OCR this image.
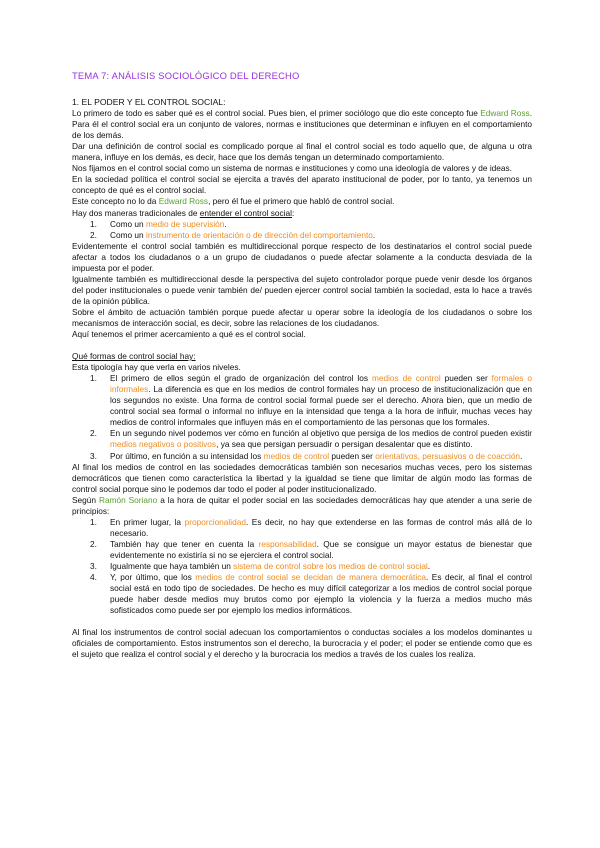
TEMA 7: ANÁLISIS SOCIOLÓGICO DEL DERECHO
1. EL PODER Y EL CONTROL SOCIAL:

Lo primero de todo es saber qué es el control social. Pues bien, el primer sociólogo que dio este concepto fue Edward Ross. Para él el control social era un conjunto de valores, normas e instituciones que determinan e influyen en el comportamiento de los demás.

Dar una definición de control social es complicado porque al final el control social es todo aquello que, de alguna u otra manera, influye en los demás, es decir, hace que los demás tengan un determinado comportamiento.

Nos fijamos en el control social como un sistema de normas e instituciones y como una ideología de valores y de ideas.

En la sociedad política el control social se ejercita a través del aparato institucional de poder, por lo tanto, ya tenemos un concepto de qué es el control social.

Este concepto no lo da Edward Ross, pero él fue el primero que habló de control social.

Hay dos maneras tradicionales de entender el control social:

1. Como un medio de supervisión.
2. Como un instrumento de orientación o de dirección del comportamiento.

Evidentemente el control social también es multidireccional porque respecto de los destinatarios el control social puede afectar a todos los ciudadanos o a un grupo de ciudadanos o puede afectar solamente a la conducta desviada de la impuesta por el poder.

Igualmente también es multidireccional desde la perspectiva del sujeto controlador porque puede venir desde los órganos del poder institucionales o puede venir también de/ pueden ejercer control social también la sociedad, esta lo hace a través de la opinión pública.

Sobre el ámbito de actuación también porque puede afectar u operar sobre la ideología de los ciudadanos o sobre los mecanismos de interacción social, es decir, sobre las relaciones de los ciudadanos.

Aquí tenemos el primer acercamiento a qué es el control social.

Qué formas de control social hay:

Esta tipología hay que verla en varios niveles.

1. El primero de ellos según el grado de organización del control los medios de control pueden ser formales o informales. La diferencia es que en los medios de control formales hay un proceso de institucionalización que en los segundos no existe. Una forma de control social formal puede ser el derecho. Ahora bien, que un medio de control social sea formal o informal no influye en la intensidad que tenga a la hora de influir, muchas veces hay medios de control informales que influyen más en el comportamiento de las personas que los formales.
2. En un segundo nivel podemos ver cómo en función al objetivo que persiga de los medios de control pueden existir medios negativos o positivos, ya sea que persigan persuadir o persigan desalentar que es distinto.
3. Por último, en función a su intensidad los medios de control pueden ser orientativos, persuasivos o de coacción.

Al final los medios de control en las sociedades democráticas también son necesarios muchas veces, pero los sistemas democráticos que tienen como característica la libertad y la igualdad se tiene que limitar de algún modo las formas de control social porque sino le podemos dar todo el poder al poder institucionalizado.

Según Ramón Soriano a la hora de quitar el poder social en las sociedades democráticas hay que atender a una serie de principios:

1. En primer lugar, la proporcionalidad. Es decir, no hay que extenderse en las formas de control más allá de lo necesario.
2. También hay que tener en cuenta la responsabilidad. Que se consigue un mayor estatus de bienestar que evidentemente no existiría si no se ejerciera el control social.
3. Igualmente que haya también un sistema de control sobre los medios de control social.
4. Y, por último, que los medios de control social se decidan de manera democrática. Es decir, al final el control social está en todo tipo de sociedades. De hecho es muy difícil categorizar a los medios de control social porque puede haber desde medios muy brutos como por ejemplo la violencia y la fuerza a medios mucho más sofisticados como puede ser por ejemplo los medios informáticos.

Al final los instrumentos de control social adecuan los comportamientos o conductas sociales a los modelos dominantes u oficiales de comportamiento. Estos instrumentos son el derecho, la burocracia y el poder; el poder se entiende como que es el sujeto que realiza el control social y el derecho y la burocracia los medios a través de los cuales los realiza.
